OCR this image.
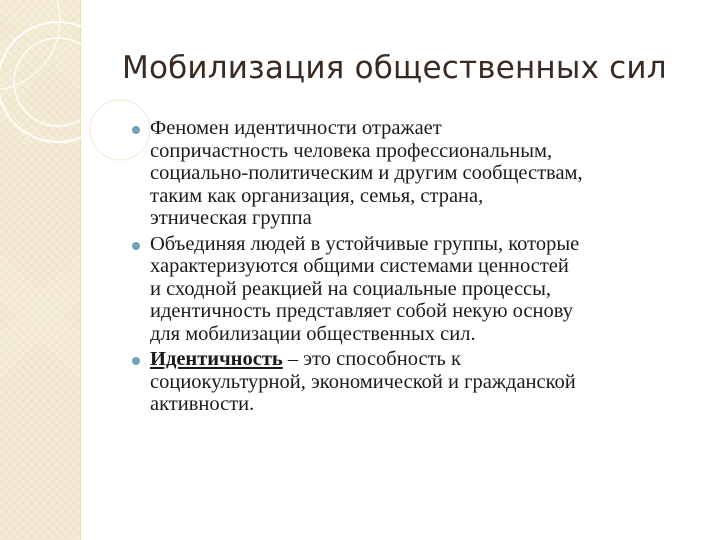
Мобилизация общественных сил
Феномен идентичности отражает
сопричастность человека профессиональным,
социально-политическим и другим сообществам,
таким как организация, семья, страна,
этническая группа
Объединяя людей в устойчивые группы, которые
характеризуются общими системами ценностей
и сходной реакцией на социальные процессы,
идентичность представляет собой некую основу
для мобилизации общественных сил.
Идентичность – это способность к
социокультурной, экономической и гражданской
активности.
